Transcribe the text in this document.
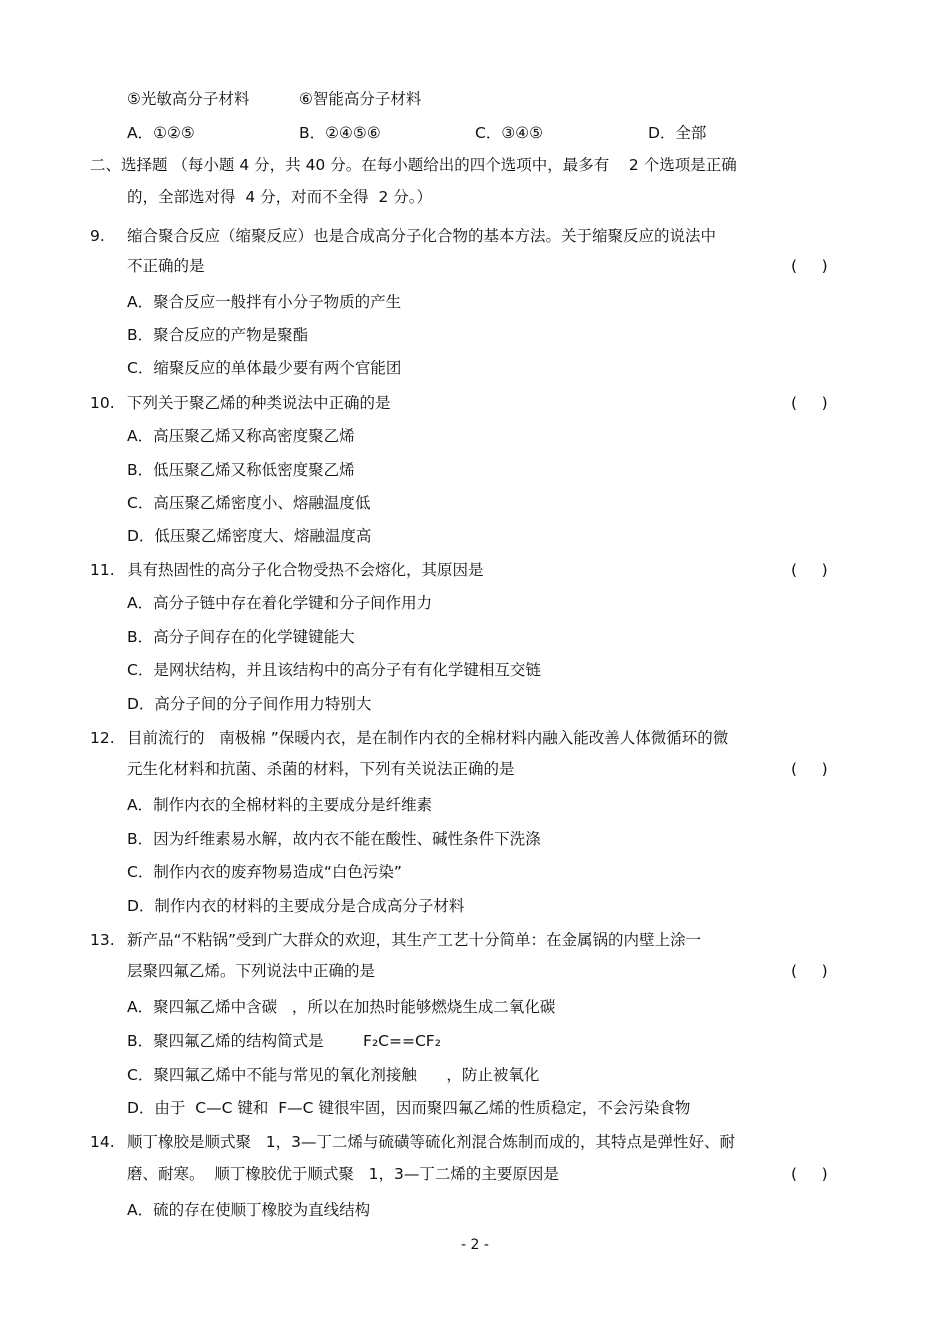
⑤光敏高分子材料	⑥智能高分子材料
A．①②⑤	B．②④⑤⑥	C．③④⑤	D．全部
二、选择题 （每小题 4 分，共 40 分。在每小题给出的四个选项中，最多有    2 个选项是正确
的，全部选对得  4 分，对而不全得  2 分。）
9. 缩合聚合反应（缩聚反应）也是合成高分子化合物的基本方法。关于缩聚反应的说法中
不正确的是	(     )
A．聚合反应一般拌有小分子物质的产生
B．聚合反应的产物是聚酯
C．缩聚反应的单体最少要有两个官能团
10. 下列关于聚乙烯的种类说法中正确的是	(     )
A．高压聚乙烯又称高密度聚乙烯
B．低压聚乙烯又称低密度聚乙烯
C．高压聚乙烯密度小、熔融温度低
D．低压聚乙烯密度大、熔融温度高
11. 具有热固性的高分子化合物受热不会熔化，其原因是	(     )
A．高分子链中存在着化学键和分子间作用力
B．高分子间存在的化学键键能大
C．是网状结构，并且该结构中的高分子有有化学键相互交链
D．高分子间的分子间作用力特别大
12. 目前流行的   南极棉 ”保暖内衣，是在制作内衣的全棉材料内融入能改善人体微循环的微
元生化材料和抗菌、杀菌的材料，下列有关说法正确的是	(     )
A．制作内衣的全棉材料的主要成分是纤维素
B．因为纤维素易水解，故内衣不能在酸性、碱性条件下洗涤
C．制作内衣的废弃物易造成“白色污染”
D．制作内衣的材料的主要成分是合成高分子材料
13. 新产品“不粘锅”受到广大群众的欢迎，其生产工艺十分简单：在金属锅的内壁上涂一
层聚四氟乙烯。下列说法中正确的是	(     )
A．聚四氟乙烯中含碳   ，所以在加热时能够燃烧生成二氧化碳
B．聚四氟乙烯的结构简式是        F₂C==CF₂
C．聚四氟乙烯中不能与常见的氧化剂接触      ，防止被氧化
D．由于  C—C 键和  F—C 键很牢固，因而聚四氟乙烯的性质稳定，不会污染食物
14. 顺丁橡胶是顺式聚   1，3—丁二烯与硫磺等硫化剂混合炼制而成的，其特点是弹性好、耐
磨、耐寒。  顺丁橡胶优于顺式聚   1，3—丁二烯的主要原因是	(     )
A．硫的存在使顺丁橡胶为直线结构
- 2 -
